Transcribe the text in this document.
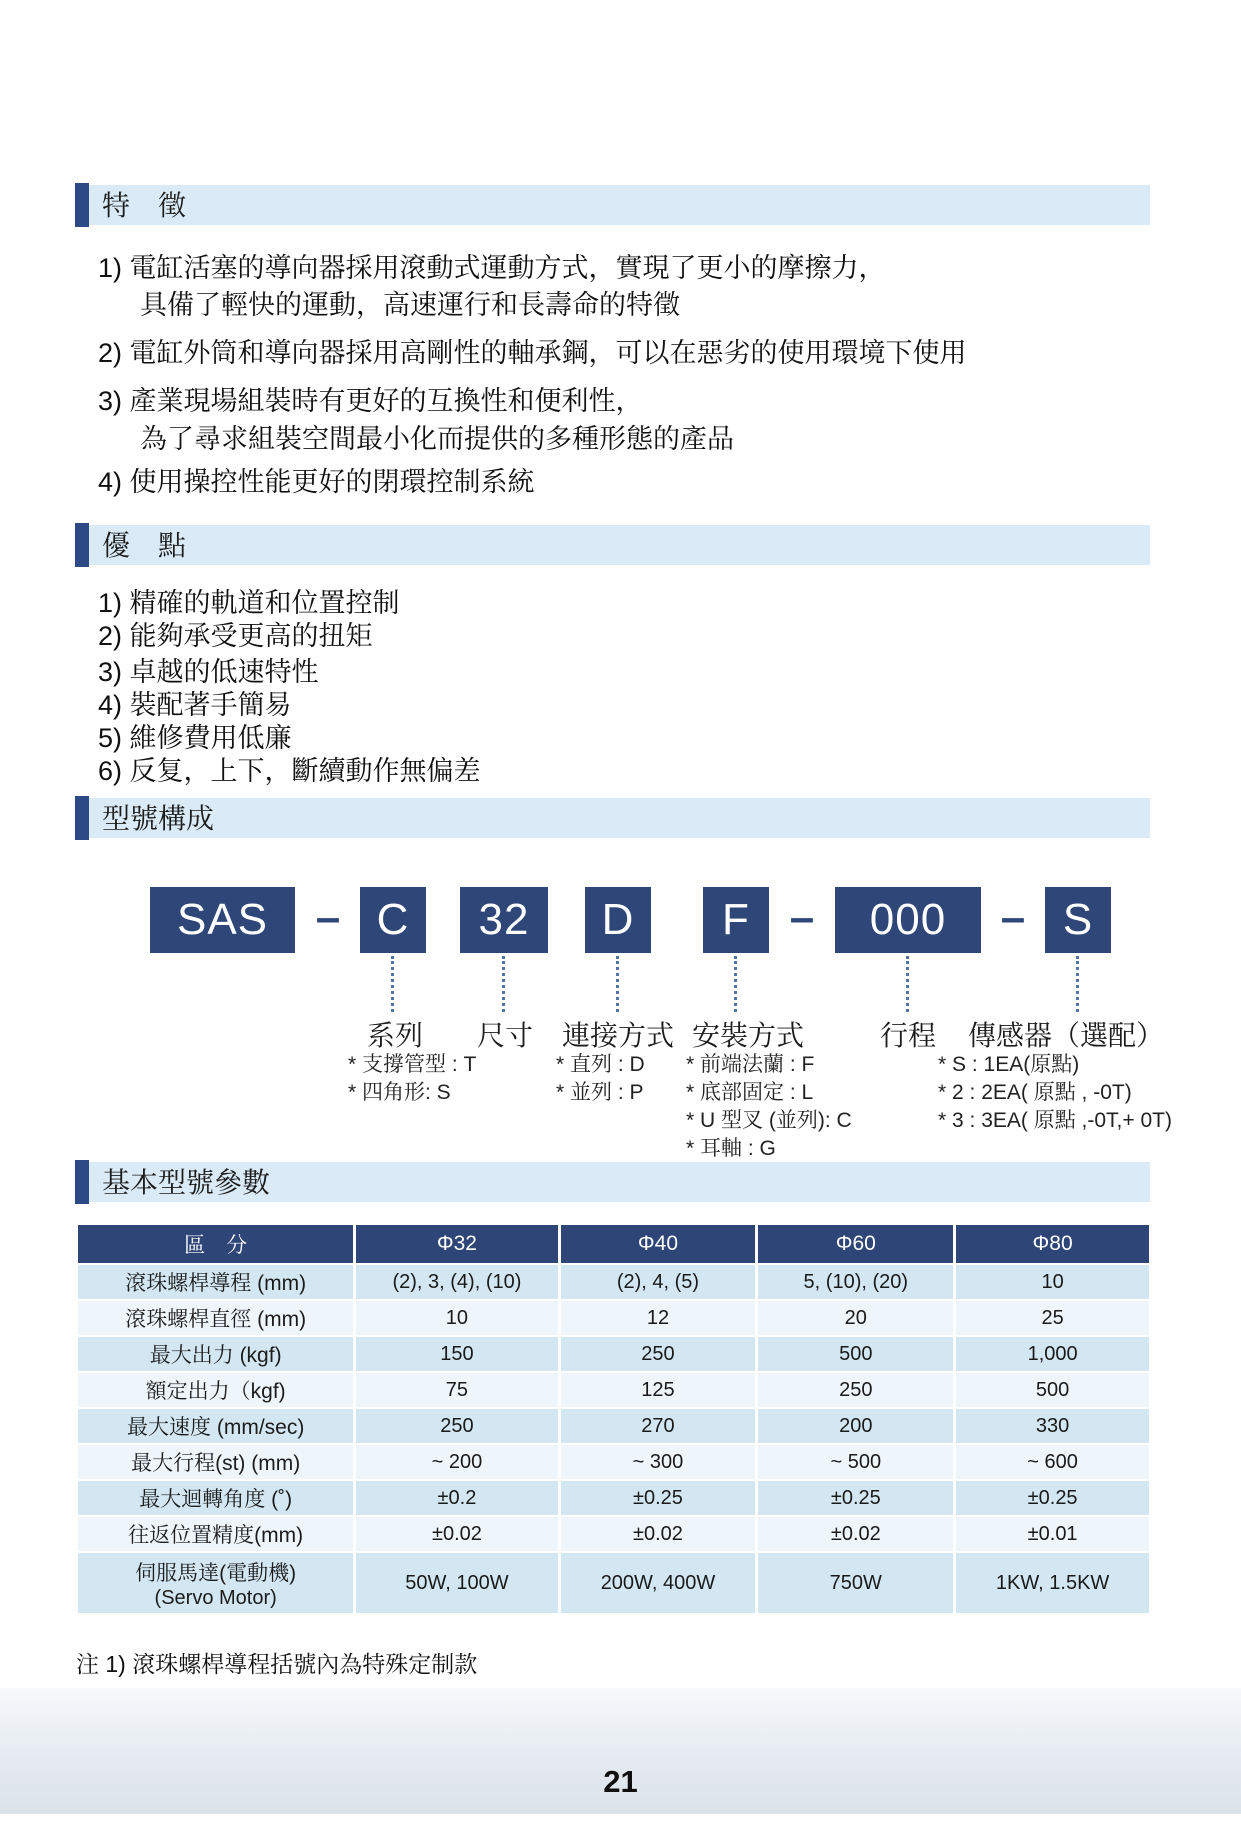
特　徵
1) 電缸活塞的導向器採用滾動式運動方式，實現了更小的摩擦力，
具備了輕快的運動，高速運行和長壽命的特徵
2) 電缸外筒和導向器採用高剛性的軸承鋼，可以在惡劣的使用環境下使用
3) 產業現場組裝時有更好的互換性和便利性，
為了尋求組裝空間最小化而提供的多種形態的產品
4) 使用操控性能更好的閉環控制系統
優　點
1) 精確的軌道和位置控制
2) 能夠承受更高的扭矩
3) 卓越的低速特性
4) 裝配著手簡易
5) 維修費用低廉
6) 反复，上下，斷續動作無偏差
型號構成
SAS	– C	32	D	F –	000	– S
系列	尺寸	連接方式 安裝方式	行程	傳感器（選配）
* 支撐管型 : T
* 四角形: S
* 直列 : D
* 並列 : P
* 前端法蘭 : F
* 底部固定 : L
* U 型叉 (並列): C
* 耳軸 : G
* S : 1EA(原點)
* 2 : 2EA( 原點 , -0T)
* 3 : 3EA( 原點 ,-0T,+ 0T)
基本型號參數
區　分	Φ32	Φ40	Φ60	Φ80
滾珠螺桿導程 (mm)	(2), 3, (4), (10)	(2), 4, (5)	5, (10), (20)	10
滾珠螺桿直徑 (mm)	10	12	20	25
最大出力 (kgf)	150	250	500	1,000
額定出力（kgf)	75	125	250	500
最大速度 (mm/sec)	250	270	200	330
最大行程(st) (mm)	~ 200	~ 300	~ 500	~ 600
最大迴轉角度 (˚)	±0.2	±0.25	±0.25	±0.25
往返位置精度(mm)	±0.02	±0.02	±0.02	±0.01
伺服馬達(電動機)
(Servo Motor)	50W, 100W	200W, 400W	750W	1KW, 1.5KW
注 1) 滾珠螺桿導程括號內為特殊定制款
21
